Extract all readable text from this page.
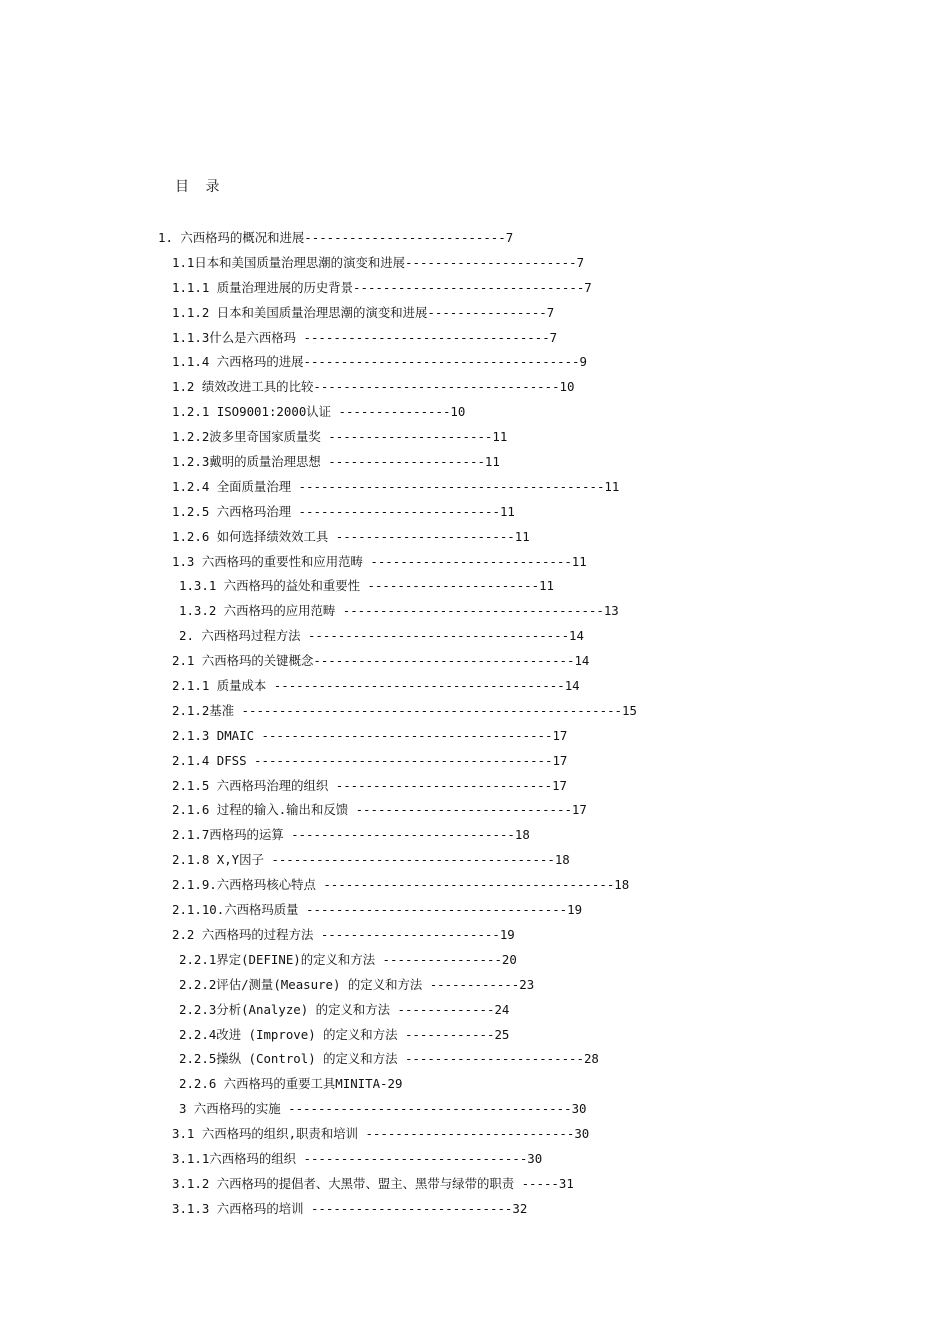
目 录
1. 六西格玛的概况和进展---------------------------7
1.1日本和美国质量治理思潮的演变和进展-----------------------7
1.1.1 质量治理进展的历史背景-------------------------------7
1.1.2 日本和美国质量治理思潮的演变和进展----------------7
1.1.3什么是六西格玛 ---------------------------------7
1.1.4 六西格玛的进展-------------------------------------9
1.2 绩效改进工具的比较---------------------------------10
1.2.1 ISO9001:2000认证 ---------------10
1.2.2波多里奇国家质量奖 ----------------------11
1.2.3戴明的质量治理思想 ---------------------11
1.2.4 全面质量治理 -----------------------------------------11
1.2.5 六西格玛治理 ---------------------------11
1.2.6 如何选择绩效效工具 ------------------------11
1.3 六西格玛的重要性和应用范畴 ---------------------------11
1.3.1 六西格玛的益处和重要性 -----------------------11
1.3.2 六西格玛的应用范畴 -----------------------------------13
2. 六西格玛过程方法 -----------------------------------14
2.1 六西格玛的关键概念-----------------------------------14
2.1.1 质量成本 ---------------------------------------14
2.1.2基准 ---------------------------------------------------15
2.1.3 DMAIC ---------------------------------------17
2.1.4 DFSS ----------------------------------------17
2.1.5 六西格玛治理的组织 -----------------------------17
2.1.6 过程的输入.输出和反馈 -----------------------------17
2.1.7西格玛的运算 ------------------------------18
2.1.8 X,Y因子 --------------------------------------18
2.1.9.六西格玛核心特点 ---------------------------------------18
2.1.10.六西格玛质量 -----------------------------------19
2.2 六西格玛的过程方法 ------------------------19
2.2.1界定(DEFINE)的定义和方法 ----------------20
2.2.2评估/测量(Measure) 的定义和方法 ------------23
2.2.3分析(Analyze) 的定义和方法 -------------24
2.2.4改进 (Improve) 的定义和方法 ------------25
2.2.5操纵 (Control) 的定义和方法 ------------------------28
2.2.6 六西格玛的重要工具MINITA-29
3 六西格玛的实施 --------------------------------------30
3.1 六西格玛的组织,职责和培训 ----------------------------30
3.1.1六西格玛的组织 ------------------------------30
3.1.2 六西格玛的提倡者、大黑带、盟主、黑带与绿带的职责 -----31
3.1.3 六西格玛的培训 ---------------------------32
